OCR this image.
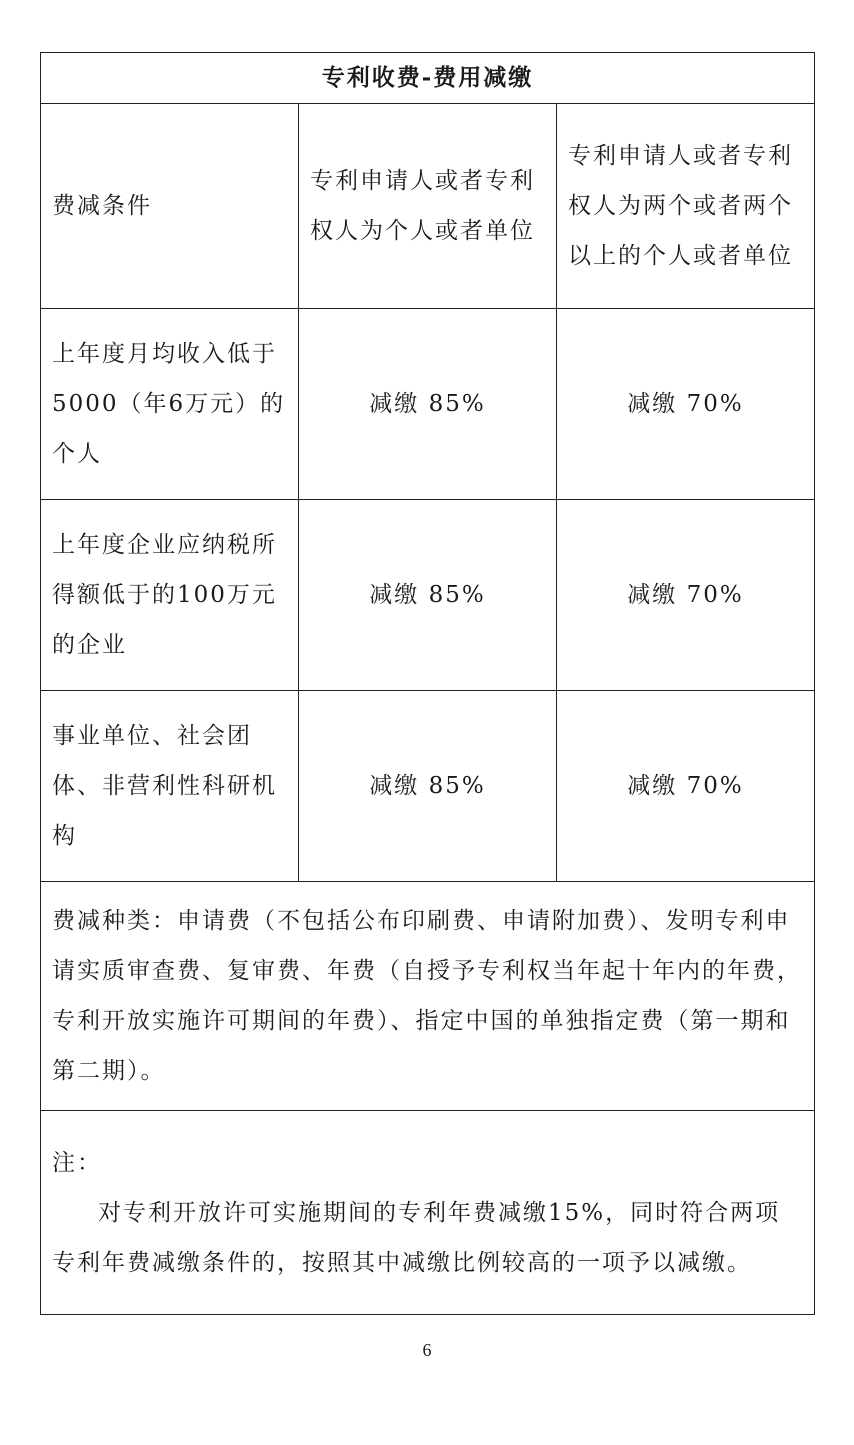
专利收费-费用减缴		
费减条件	专利申请人或者专利权人为个人或者单位	专利申请人或者专利权人为两个或者两个以上的个人或者单位
上年度月均收入低于5000（年6万元）的个人	减缴 85%	减缴 70%
上年度企业应纳税所得额低于的100万元的企业	减缴 85%	减缴 70%
事业单位、社会团体、非营利性科研机构	减缴 85%	减缴 70%
费减种类：申请费（不包括公布印刷费、申请附加费）、发明专利申请实质审查费、复审费、年费（自授予专利权当年起十年内的年费，专利开放实施许可期间的年费）、指定中国的单独指定费（第一期和第二期）。		

注：
对专利开放许可实施期间的专利年费减缴15%，同时符合两项专利年费减缴条件的，按照其中减缴比例较高的一项予以减缴。		
6
